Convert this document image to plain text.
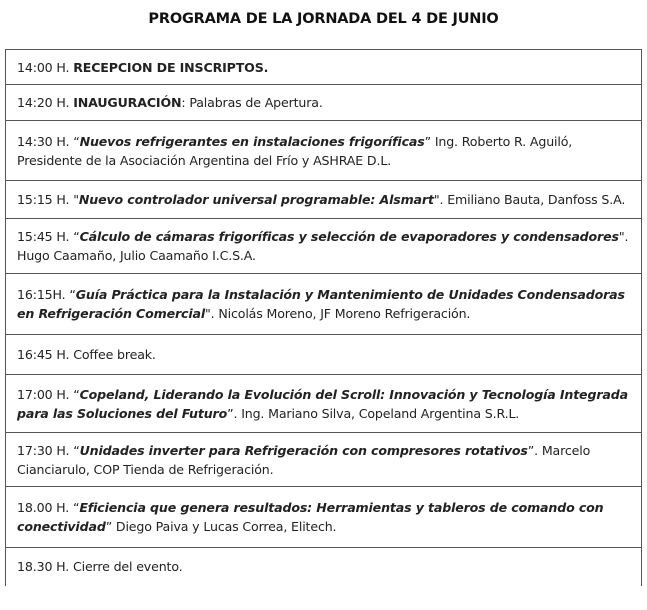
PROGRAMA DE LA JORNADA DEL 4 DE JUNIO
14:00 H. RECEPCION DE INSCRIPTOS.
14:20 H. INAUGURACIÓN: Palabras de Apertura.
14:30 H. “Nuevos refrigerantes en instalaciones frigoríficas” Ing. Roberto R. Aguiló, Presidente de la Asociación Argentina del Frío y ASHRAE D.L.
15:15 H. "Nuevo controlador universal programable: Alsmart". Emiliano Bauta, Danfoss S.A.
15:45 H. “Cálculo de cámaras frigoríficas y selección de evaporadores y condensadores". Hugo Caamaño, Julio Caamaño I.C.S.A.
16:15H. “Guía Práctica para la Instalación y Mantenimiento de Unidades Condensadoras en Refrigeración Comercial". Nicolás Moreno, JF Moreno Refrigeración.
16:45 H. Coffee break.
17:00 H. “Copeland, Liderando la Evolución del Scroll: Innovación y Tecnología Integrada para las Soluciones del Futuro”. Ing. Mariano Silva, Copeland Argentina S.R.L.
17:30 H. “Unidades inverter para Refrigeración con compresores rotativos”. Marcelo Cianciarulo, COP Tienda de Refrigeración.
18.00 H. “Eficiencia que genera resultados: Herramientas y tableros de comando con conectividad” Diego Paiva y Lucas Correa, Elitech.
18.30 H. Cierre del evento.
